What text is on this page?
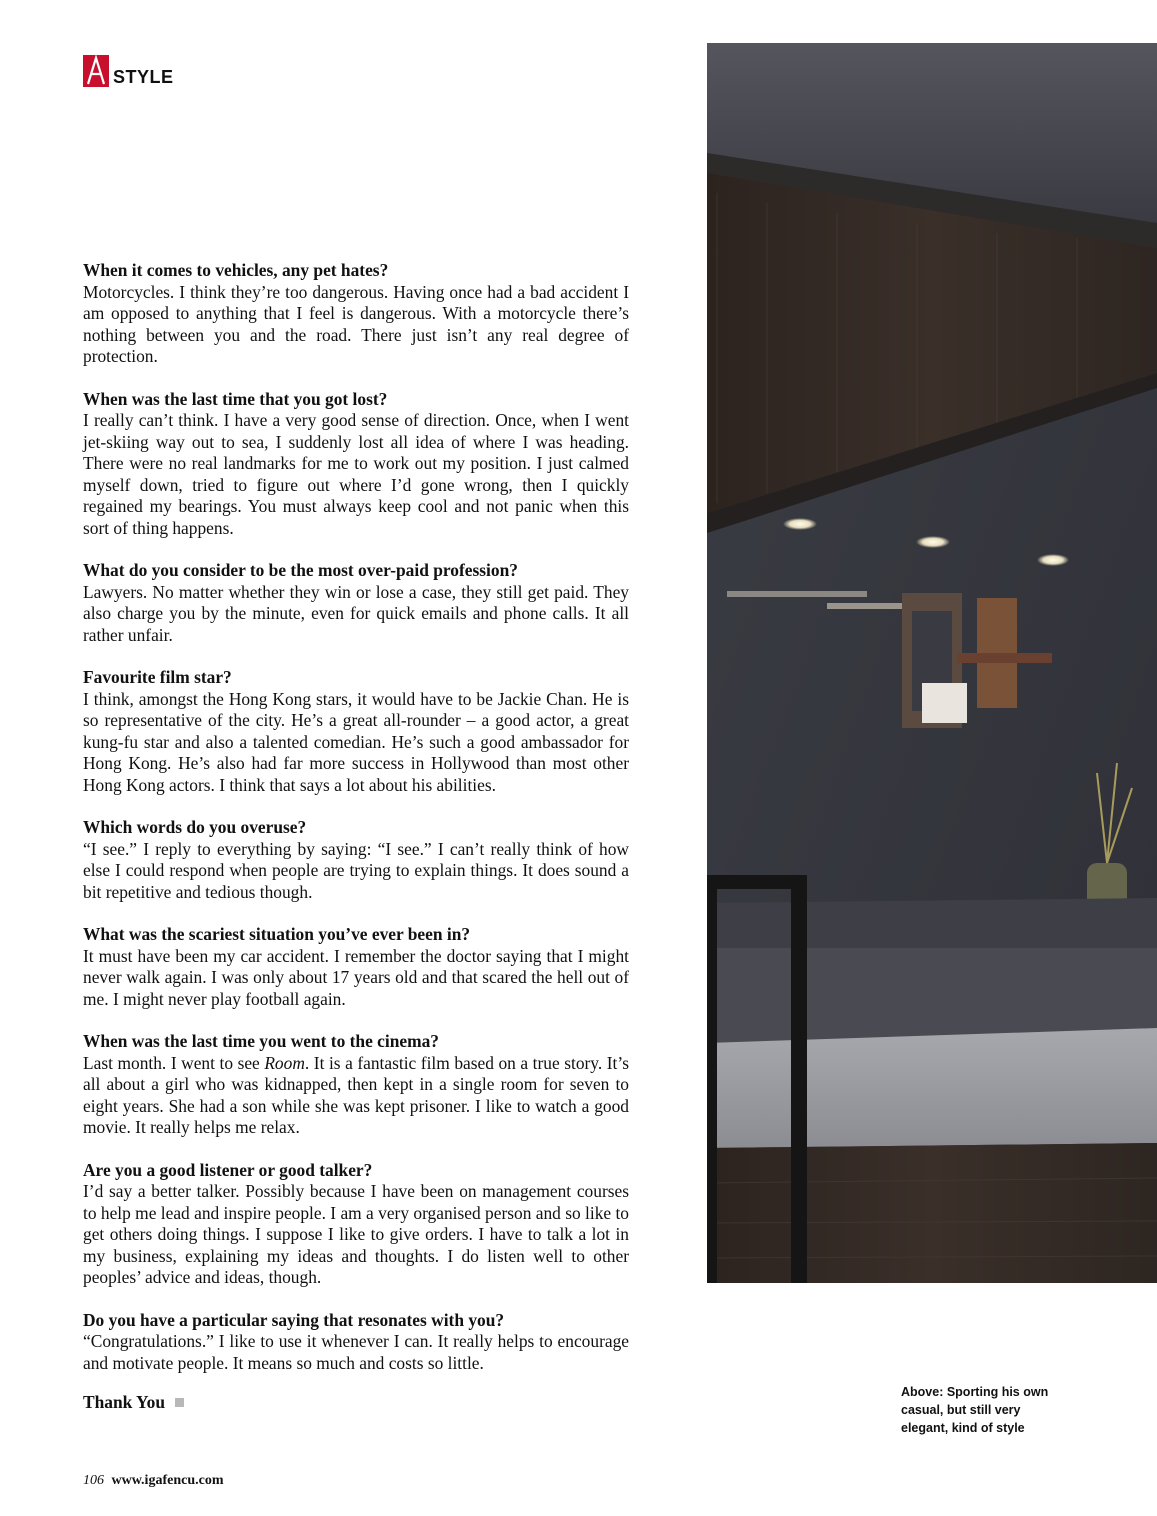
STYLE

When it comes to vehicles, any pet hates?

Motorcycles. I think they’re too dangerous. Having once had a bad accident I am opposed to anything that I feel is dangerous. With a motorcycle there’s nothing between you and the road. There just isn’t any real degree of protection.

When was the last time that you got lost?

I really can’t think. I have a very good sense of direction. Once, when I went jet-skiing way out to sea, I suddenly lost all idea of where I was heading. There were no real landmarks for me to work out my position. I just calmed myself down, tried to figure out where I’d gone wrong, then I quickly regained my bearings. You must always keep cool and not panic when this sort of thing happens.

What do you consider to be the most over-paid profession?

Lawyers. No matter whether they win or lose a case, they still get paid. They also charge you by the minute, even for quick emails and phone calls. It all rather unfair.

Favourite film star?

I think, amongst the Hong Kong stars, it would have to be Jackie Chan. He is so representative of the city. He’s a great all-rounder – a good actor, a great kung-fu star and also a talented comedian. He’s such a good ambassador for Hong Kong. He’s also had far more success in Hollywood than most other Hong Kong actors. I think that says a lot about his abilities.

Which words do you overuse?

“I see.” I reply to everything by saying: “I see.” I can’t really think of how else I could respond when people are trying to explain things. It does sound a bit repetitive and tedious though.

What was the scariest situation you’ve ever been in?

It must have been my car accident. I remember the doctor saying that I might never walk again. I was only about 17 years old and that scared the hell out of me. I might never play football again.

When was the last time you went to the cinema?

Last month. I went to see Room. It is a fantastic film based on a true story. It’s all about a girl who was kidnapped, then kept in a single room for seven to eight years. She had a son while she was kept prisoner. I like to watch a good movie. It really helps me relax.

Are you a good listener or good talker?

I’d say a better talker. Possibly because I have been on management courses to help me lead and inspire people. I am a very organised person and so like to get others doing things. I suppose I like to give orders. I have to talk a lot in my business, explaining my ideas and thoughts. I do listen well to other peoples’ advice and ideas, though.

Do you have a particular saying that resonates with you?

“Congratulations.” I like to use it whenever I can. It really helps to encourage and motivate people. It means so much and costs so little.

Thank You	Above: Sporting his own casual, but still very elegant, kind of style
106 www.igafencu.com
